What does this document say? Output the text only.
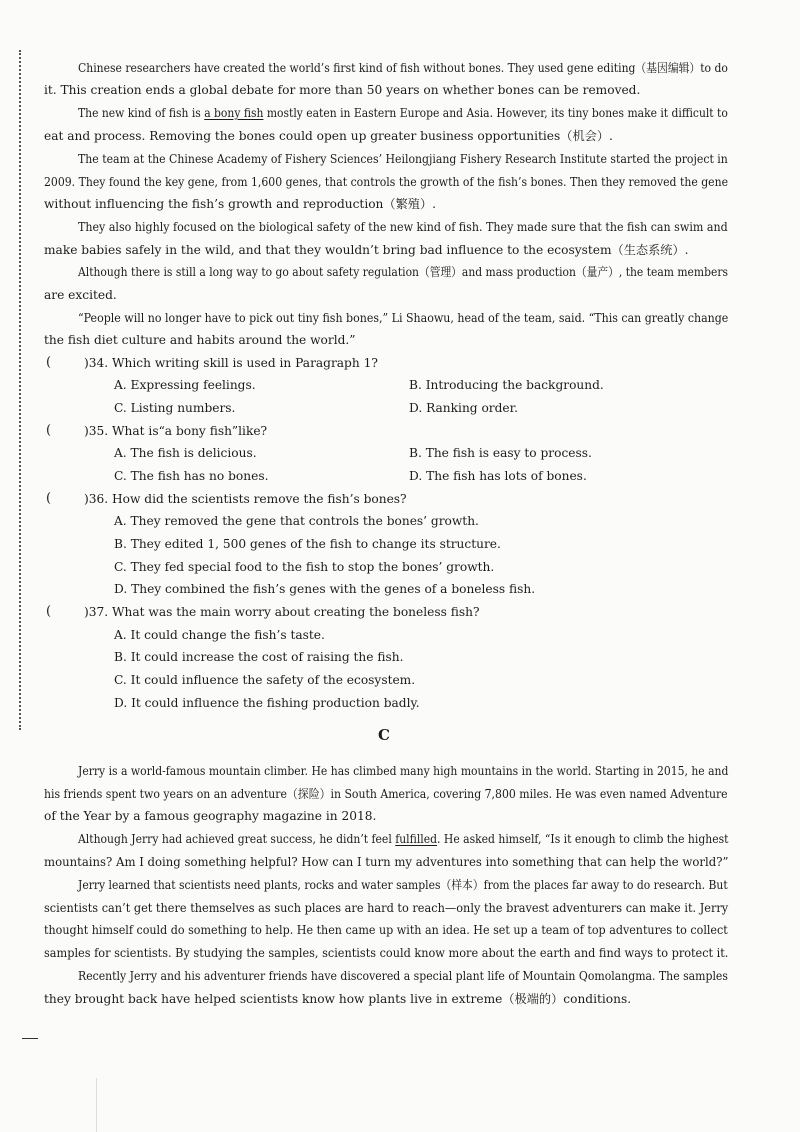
Chinese researchers have created the world’s first kind of fish without bones. They used gene editing（基因编辑）to do
it. This creation ends a global debate for more than 50 years on whether bones can be removed.
The new kind of fish is a bony fish mostly eaten in Eastern Europe and Asia. However, its tiny bones make it difficult to
eat and process. Removing the bones could open up greater business opportunities（机会）.
The team at the Chinese Academy of Fishery Sciences’ Heilongjiang Fishery Research Institute started the project in
2009. They found the key gene, from 1,600 genes, that controls the growth of the fish’s bones. Then they removed the gene
without influencing the fish’s growth and reproduction（繁殖）.
They also highly focused on the biological safety of the new kind of fish. They made sure that the fish can swim and
make babies safely in the wild, and that they wouldn’t bring bad influence to the ecosystem（生态系统）.
Although there is still a long way to go about safety regulation（管理）and mass production（量产）, the team members
are excited.
“People will no longer have to pick out tiny fish bones,” Li Shaowu, head of the team, said. “This can greatly change
the fish diet culture and habits around the world.”
(	)34. Which writing skill is used in Paragraph 1?
A. Expressing feelings.	B. Introducing the background.
C. Listing numbers.	D. Ranking order.
(	)35. What is“a bony fish”like?
A. The fish is delicious.	B. The fish is easy to process.
C. The fish has no bones.	D. The fish has lots of bones.
(	)36. How did the scientists remove the fish’s bones?
A. They removed the gene that controls the bones’ growth.
B. They edited 1, 500 genes of the fish to change its structure.
C. They fed special food to the fish to stop the bones’ growth.
D. They combined the fish’s genes with the genes of a boneless fish.
(	)37. What was the main worry about creating the boneless fish?
A. It could change the fish’s taste.
B. It could increase the cost of raising the fish.
C. It could influence the safety of the ecosystem.
D. It could influence the fishing production badly.
C
Jerry is a world-famous mountain climber. He has climbed many high mountains in the world. Starting in 2015, he and
his friends spent two years on an adventure（探险）in South America, covering 7,800 miles. He was even named Adventure
of the Year by a famous geography magazine in 2018.
Although Jerry had achieved great success, he didn’t feel fulfilled. He asked himself, “Is it enough to climb the highest
mountains? Am I doing something helpful? How can I turn my adventures into something that can help the world?”
Jerry learned that scientists need plants, rocks and water samples（样本）from the places far away to do research. But
scientists can’t get there themselves as such places are hard to reach—only the bravest adventurers can make it. Jerry
thought himself could do something to help. He then came up with an idea. He set up a team of top adventures to collect
samples for scientists. By studying the samples, scientists could know more about the earth and find ways to protect it.
Recently Jerry and his adventurer friends have discovered a special plant life of Mountain Qomolangma. The samples
they brought back have helped scientists know how plants live in extreme（极端的）conditions.
